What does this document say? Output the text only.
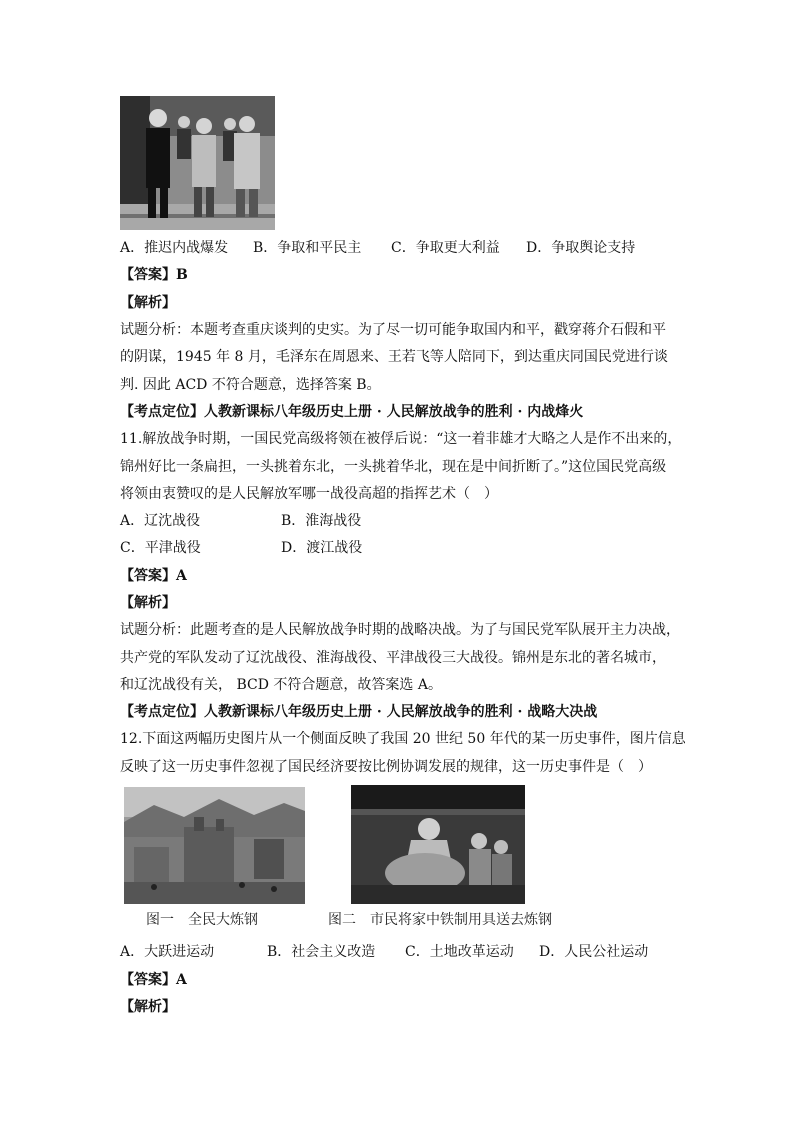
A．推迟内战爆发 B．争取和平民主 C．争取更大利益 D．争取舆论支持
【答案】B
【解析】
试题分析：本题考查重庆谈判的史实。为了尽一切可能争取国内和平，戳穿蒋介石假和平
的阴谋，1945 年 8 月，毛泽东在周恩来、王若飞等人陪同下，到达重庆同国民党进行谈
判. 因此 ACD 不符合题意，选择答案 B。
【考点定位】人教新课标八年级历史上册 · 人民解放战争的胜利 · 内战烽火
11.解放战争时期，一国民党高级将领在被俘后说：“这一着非雄才大略之人是作不出来的，
锦州好比一条扁担，一头挑着东北，一头挑着华北，现在是中间折断了。”这位国民党高级
将领由衷赞叹的是人民解放军哪一战役高超的指挥艺术（　）
A．辽沈战役	B．淮海战役
C．平津战役	D．渡江战役
【答案】A
【解析】
试题分析：此题考查的是人民解放战争时期的战略决战。为了与国民党军队展开主力决战，
共产党的军队发动了辽沈战役、淮海战役、平津战役三大战役。锦州是东北的著名城市，
和辽沈战役有关， BCD 不符合题意，故答案选 A。
【考点定位】人教新课标八年级历史上册 · 人民解放战争的胜利 · 战略大决战
12.下面这两幅历史图片从一个侧面反映了我国 20 世纪 50 年代的某一历史事件，图片信息
反映了这一历史事件忽视了国民经济要按比例协调发展的规律，这一历史事件是（　）
图一　全民大炼钢	图二　市民将家中铁制用具送去炼钢
A．大跃进运动	B．社会主义改造 C．土地改革运动 D．人民公社运动
【答案】A
【解析】
